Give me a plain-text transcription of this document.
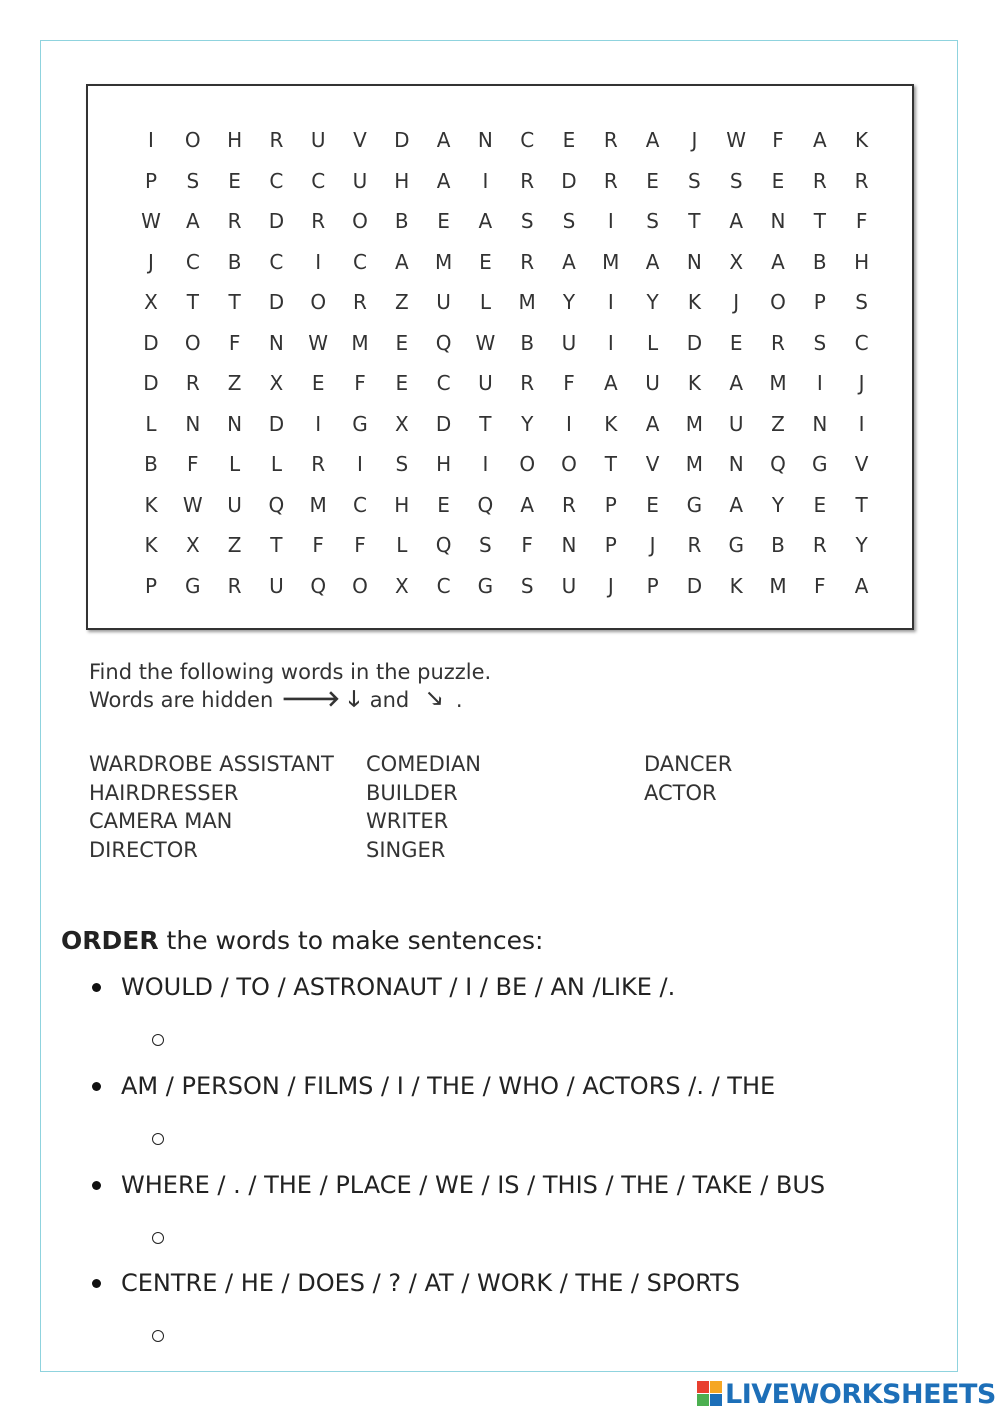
I	O	H	R	U	V	D	A	N	C	E	R	A	J	W	F	A	K
P	S	E	C	C	U	H	A	I	R	D	R	E	S	S	E	R	R
W	A	R	D	R	O	B	E	A	S	S	I	S	T	A	N	T	F
J	C	B	C	I	C	A	M	E	R	A	M	A	N	X	A	B	H
X	T	T	D	O	R	Z	U	L	M	Y	I	Y	K	J	O	P	S
D	O	F	N	W	M	E	Q	W	B	U	I	L	D	E	R	S	C
D	R	Z	X	E	F	E	C	U	R	F	A	U	K	A	M	I	J
L	N	N	D	I	G	X	D	T	Y	I	K	A	M	U	Z	N	I
B	F	L	L	R	I	S	H	I	O	O	T	V	M	N	Q	G	V
K	W	U	Q	M	C	H	E	Q	A	R	P	E	G	A	Y	E	T
K	X	Z	T	F	F	L	Q	S	F	N	P	J	R	G	B	R	Y
P	G	R	U	Q	O	X	C	G	S	U	J	P	D	K	M	F	A
Find the following words in the puzzle.
Words are hidden 🡒 🡓 and 🡖 .
WARDROBE ASSISTANT
HAIRDRESSER
CAMERA MAN
DIRECTOR
COMEDIAN
BUILDER
WRITER
SINGER
DANCER
ACTOR
ORDER the words to make sentences:
WOULD / TO / ASTRONAUT / I / BE / AN /LIKE /.
AM / PERSON / FILMS / I / THE / WHO / ACTORS /. / THE
WHERE / . / THE / PLACE / WE / IS / THIS / THE / TAKE / BUS
CENTRE / HE / DOES / ? / AT / WORK / THE / SPORTS
LIVEWORKSHEETS
